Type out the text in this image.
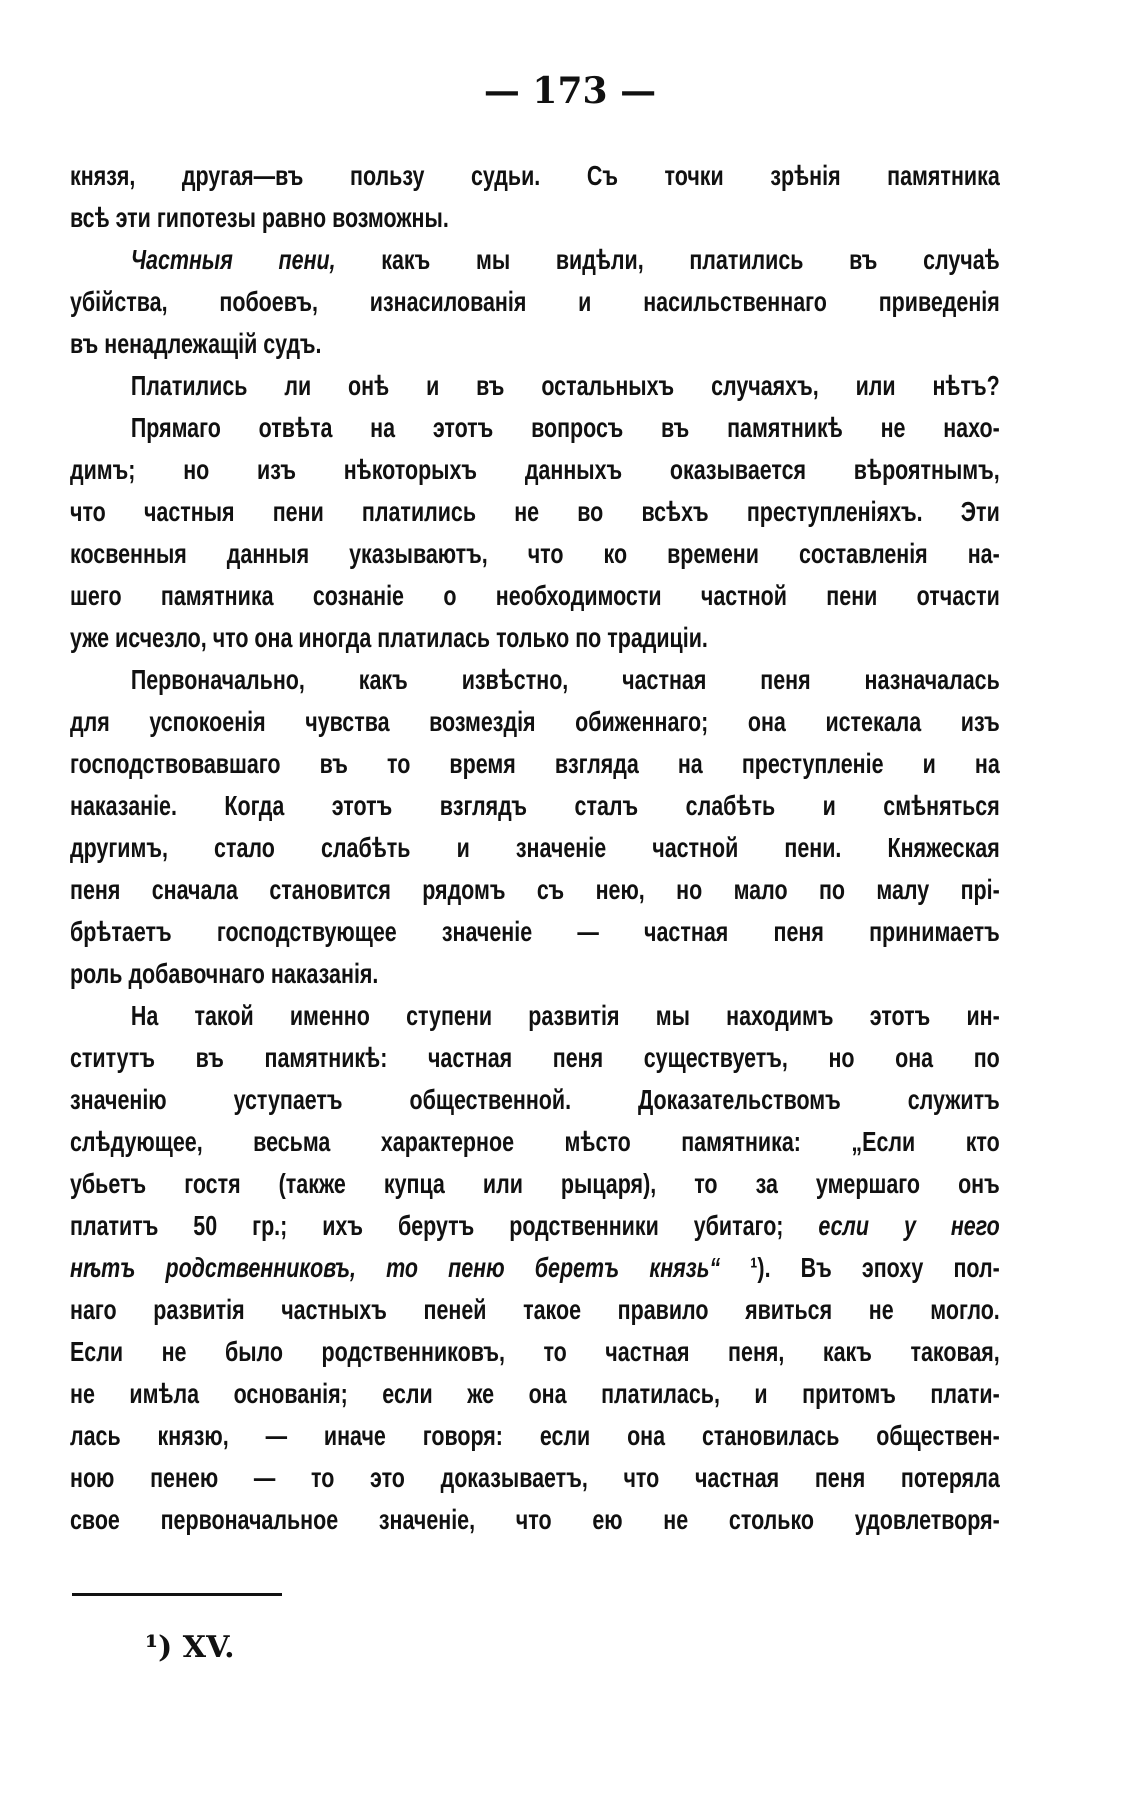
— 173 —

князя, другая—въ пользу судьи. Съ точки зрѣнія памятника

всѣ эти гипотезы равно возможны.

Частныя пени, какъ мы видѣли, платились въ случаѣ

убійства, побоевъ, изнасилованія и насильственнаго приведенія

въ ненадлежащій судъ.

Платились ли онѣ и въ остальныхъ случаяхъ, или нѣтъ?

Прямаго отвѣта на этотъ вопросъ въ памятникѣ не нахо-

димъ; но изъ нѣкоторыхъ данныхъ оказывается вѣроятнымъ,

что частныя пени платились не во всѣхъ преступленіяхъ. Эти

косвенныя данныя указываютъ, что ко времени составленія на-

шего памятника сознаніе о необходимости частной пени отчасти

уже исчезло, что она иногда платилась только по традиціи.

Первоначально, какъ извѣстно, частная пеня назначалась

для успокоенія чувства возмездія обиженнаго; она истекала изъ

господствовавшаго въ то время взгляда на преступленіе и на

наказаніе. Когда этотъ взглядъ сталъ слабѣть и смѣняться

другимъ, стало слабѣть и значеніе частной пени. Княжеская

пеня сначала становится рядомъ съ нею, но мало по малу прі-

брѣтаетъ господствующее значеніе — частная пеня принимаетъ

роль добавочнаго наказанія.

На такой именно ступени развитія мы находимъ этотъ ин-

ститутъ въ памятникѣ: частная пеня существуетъ, но она по

значенію уступаетъ общественной. Доказательствомъ служитъ

слѣдующее, весьма характерное мѣсто памятника: „Если кто

убьетъ гостя (также купца или рыцаря), то за умершаго онъ

платитъ 50 гр.; ихъ берутъ родственники убитаго; если у него

нѣтъ родственниковъ, то пеню беретъ князь“ ¹). Въ эпоху пол-

наго развитія частныхъ пеней такое правило явиться не могло.

Если не было родственниковъ, то частная пеня, какъ таковая,

не имѣла основанія; если же она платилась, и притомъ плати-

лась князю, — иначе говоря: если она становилась обществен-

ною пенею — то это доказываетъ, что частная пеня потеряла

свое первоначальное значеніе, что ею не столько удовлетворя-

¹) XV.
